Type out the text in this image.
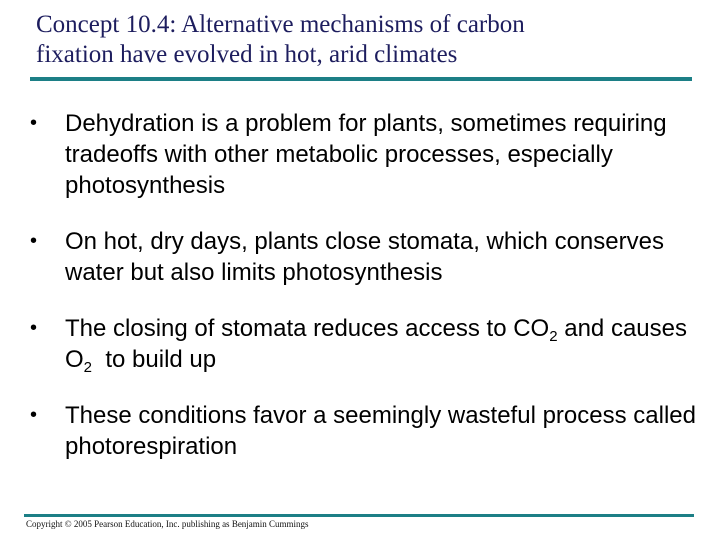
Concept 10.4: Alternative mechanisms of carbon
fixation have evolved in hot, arid climates
•	Dehydration is a problem for plants, sometimes requiring tradeoffs with other metabolic processes, especially photosynthesis
•	On hot, dry days, plants close stomata, which conserves water but also limits photosynthesis
•	The closing of stomata reduces access to $CO_2$ and causes $O_2$  to build up
•	These conditions favor a seemingly wasteful process called photorespiration
Copyright © 2005 Pearson Education, Inc. publishing as Benjamin Cummings
